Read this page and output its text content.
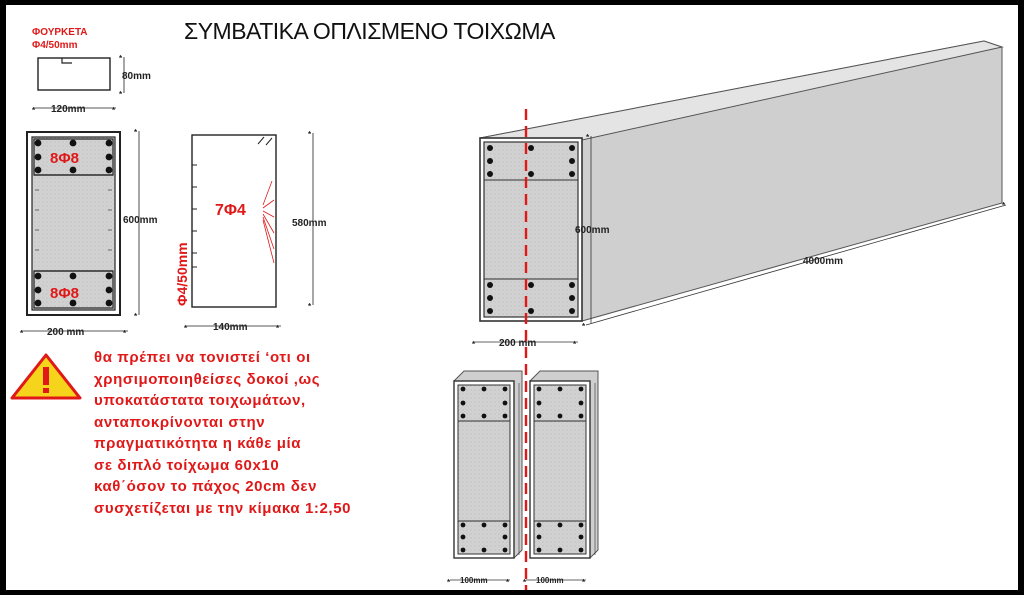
ΣΥΜΒΑΤΙΚΑ ΟΠΛΙΣΜΕΝΟ ΤΟΙΧΩΜΑ
ΦΟΥΡΚΕΤΑ
Φ4/50mm
*
*
80mm
*	*
120mm
8Φ8
8Φ8
*
*
600mm
*	*
200 mm
7Φ4
Φ4/50mm
*
*
580mm
*	*
140mm
*
*
4000mm
*
600mm
*	*
200 mm
*	*
100mm	*	*
100mm
θα πρέπει να τονιστεί ‘οτι οι
χρησιμοποιηθείσες δοκοί ,ως
υποκατάστατα τοιχωμάτων,
ανταποκρίνονται στην
πραγματικότητα η κάθε μία
σε διπλό τοίχωμα 60x10
καθ΄όσον το πάχος 20cm δεν
συσχετίζεται με την κίμακα 1:2,50
